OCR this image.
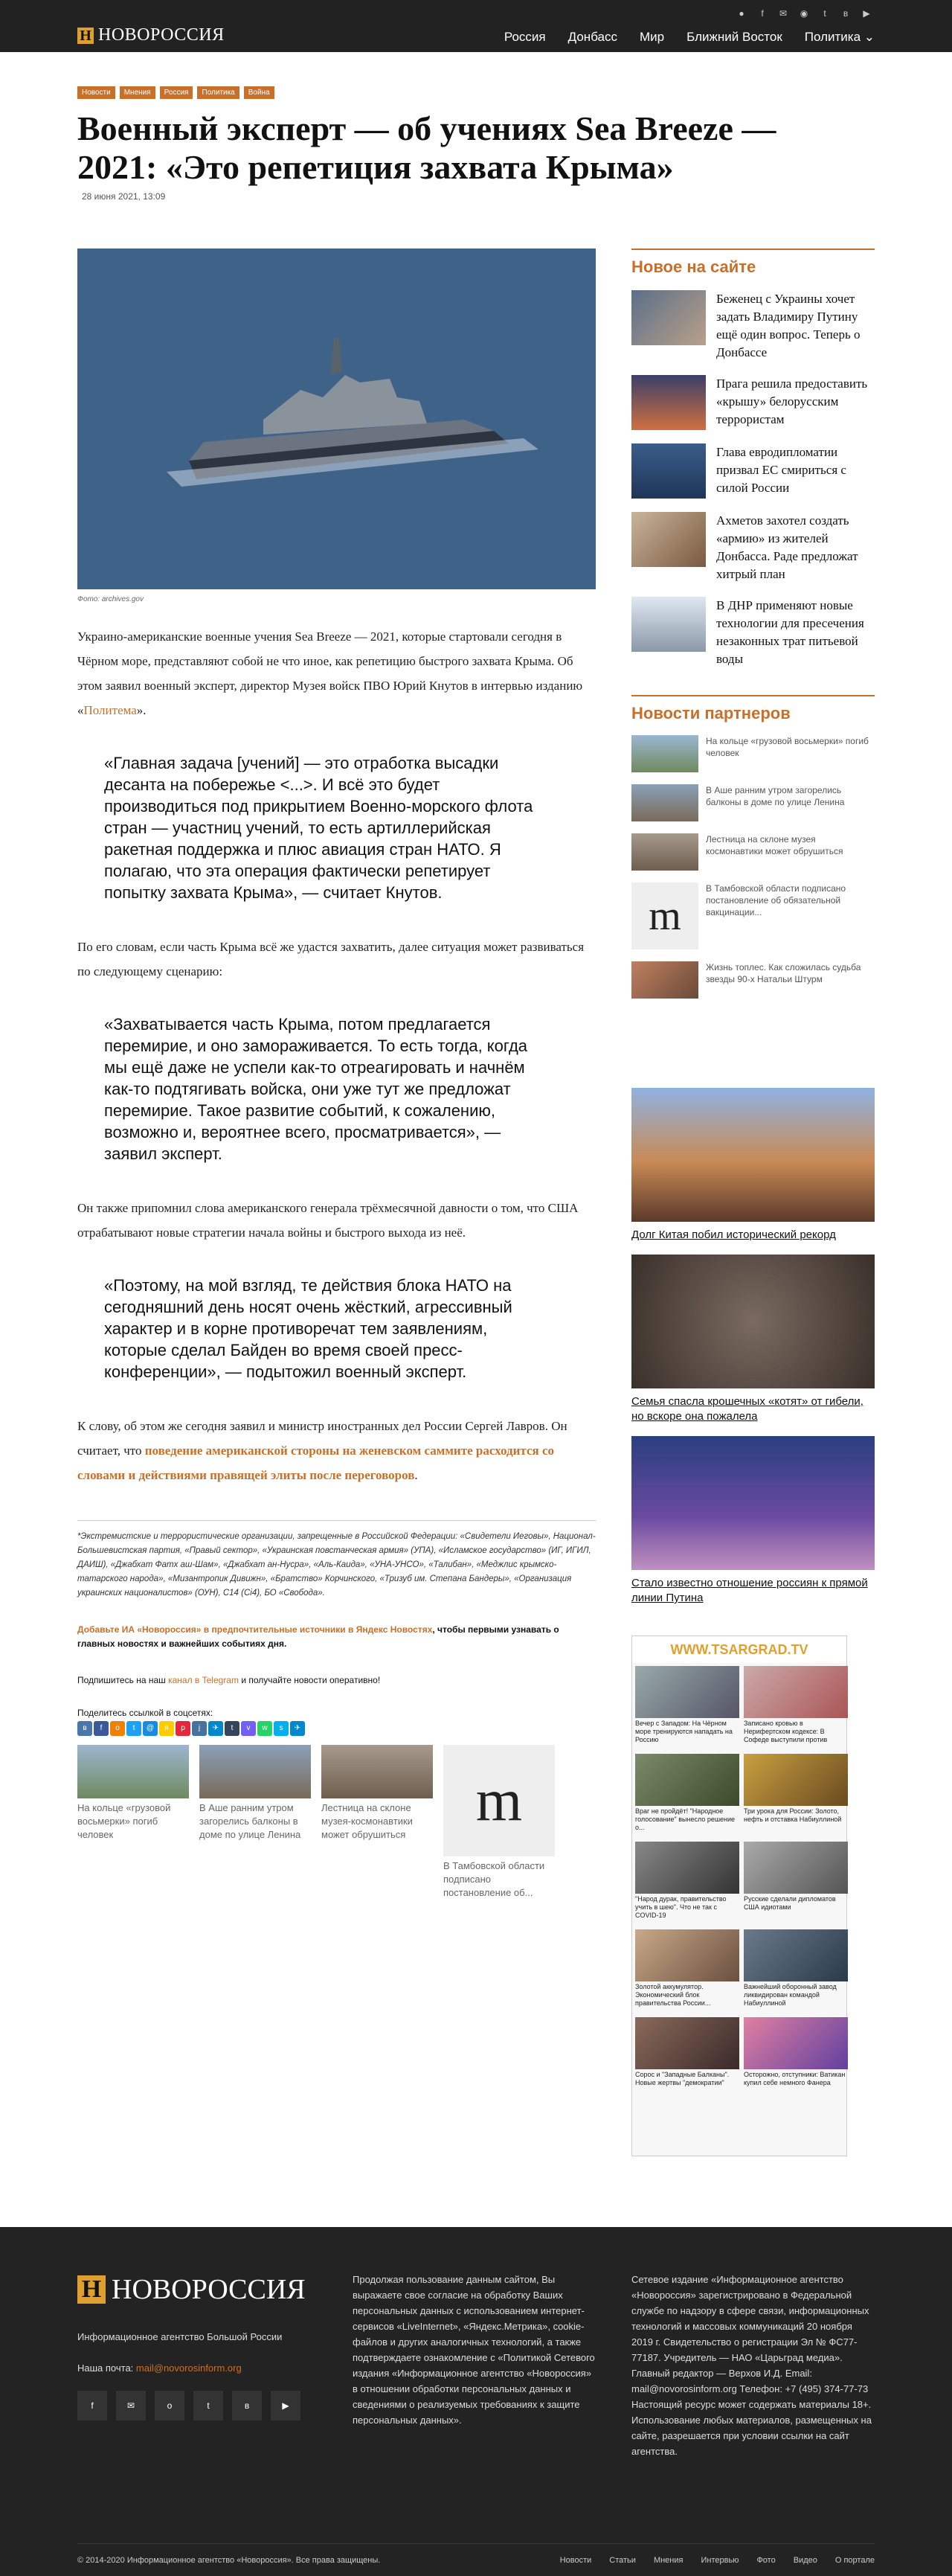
Н НОВОРОССИЯ
●	f	✉	◉	t	в	▶
Россия Донбасс Мир Ближний Восток Политика ⌄
Новости	Мнения	Россия	Политика	Война
Военный эксперт — об учениях Sea Breeze — 2021: «Это репетиция захвата Крыма»
28 июня 2021, 13:09
Фото: archives.gov

Украино-американские военные учения Sea Breeze — 2021, которые стартовали сегодня в Чёрном море, представляют собой не что иное, как репетицию быстрого захвата Крыма. Об этом заявил военный эксперт, директор Музея войск ПВО Юрий Кнутов в интервью изданию «Политема».

«Главная задача [учений] — это отработка высадки десанта на побережье <...>. И всё это будет производиться под прикрытием Военно-морского флота стран — участниц учений, то есть артиллерийская ракетная поддержка и плюс авиация стран НАТО. Я полагаю, что эта операция фактически репетирует попытку захвата Крыма», — считает Кнутов.

По его словам, если часть Крыма всё же удастся захватить, далее ситуация может развиваться по следующему сценарию:

«Захватывается часть Крыма, потом предлагается перемирие, и оно замораживается. То есть тогда, когда мы ещё даже не успели как-то отреагировать и начнём как-то подтягивать войска, они уже тут же предложат перемирие. Такое развитие событий, к сожалению, возможно и, вероятнее всего, просматривается», — заявил эксперт.

Он также припомнил слова американского генерала трёхмесячной давности о том, что США отрабатывают новые стратегии начала войны и быстрого выхода из неё.

«Поэтому, на мой взгляд, те действия блока НАТО на сегодняшний день носят очень жёсткий, агрессивный характер и в корне противоречат тем заявлениям, которые сделал Байден во время своей пресс-конференции», — подытожил военный эксперт.

К слову, об этом же сегодня заявил и министр иностранных дел России Сергей Лавров. Он считает, что поведение американской стороны на женевском саммите расходится со словами и действиями правящей элиты после переговоров.

*Экстремистские и террористические организации, запрещенные в Российской Федерации: «Свидетели Иеговы», Национал-Большевистская партия, «Правый сектор», «Украинская повстанческая армия» (УПА), «Исламское государство» (ИГ, ИГИЛ, ДАИШ), «Джабхат Фатх аш-Шам», «Джабхат ан-Нусра», «Аль-Каида», «УНА-УНСО», «Талибан», «Меджлис крымско-татарского народа», «Мизантропик Дивижн», «Братство» Корчинского, «Тризуб им. Степана Бандеры», «Организация украинских националистов» (ОУН), С14 (Сi4), БО «Свобода».

Добавьте ИА «Новороссия» в предпочтительные источники в Яндекс Новостях, чтобы первыми узнавать о главных новостях и важнейших событиях дня.

Подпишитесь на наш канал в Telegram и получайте новости оперативно!

Поделитесь ссылкой в соцсетях:

в	f	о	t	@	я	p	j	✈	t	v	w	s	✈
На кольце «грузовой восьмерки» погиб человек
В Аше ранним утром загорелись балконы в доме по улице Ленина
Лестница на склоне музея-космонавтики может обрушиться
m
В Тамбовской области подписано постановление об...
Новое на сайте
Беженец с Украины хочет задать Владимиру Путину ещё один вопрос. Теперь о Донбассе
Прага решила предоставить «крышу» белорусским террористам
Глава евродипломатии призвал ЕС смириться с силой России
Ахметов захотел создать «армию» из жителей Донбасса. Раде предложат хитрый план
В ДНР применяют новые технологии для пресечения незаконных трат питьевой воды
Новости партнеров
На кольце «грузовой восьмерки» погиб человек
В Аше ранним утром загорелись балконы в доме по улице Ленина
Лестница на склоне музея космонавтики может обрушиться
m
В Тамбовской области подписано постановление об обязательной вакцинации...
Жизнь топлес. Как сложилась судьба звезды 90-х Натальи Штурм
Долг Китая побил исторический рекорд
Семья спасла крошечных «котят» от гибели, но вскоре она пожалела
Стало известно отношение россиян к прямой линии Путина
WWW.TSARGRAD.TV
Вечер с Западом: На Чёрном море тренируются нападать на Россию
Записано кровью в Нерифертском кодексе: В Софеде выступили против
Враг не пройдёт! "Народное голосование" вынесло решение о...
Три урока для России: Золото, нефть и отставка Набиуллиной
"Народ дурак, правительство учить в шею". Что не так с COVID-19
Русские сделали дипломатов США идиотами
Золотой аккумулятор. Экономический блок правительства России...
Важнейший оборонный завод ликвидирован командой Набиуллиной
Сорос и "Западные Балканы". Новые жертвы "демократии"
Осторожно, отступники: Ватикан купил себе немного Фанера
Н НОВОРОССИЯ
Информационное агентство Большой России
Наша почта: mail@novorosinform.org
f	✉	о	t	в	▶
Продолжая пользование данным сайтом, Вы выражаете свое согласие на обработку Ваших персональных данных с использованием интернет-сервисов «LiveInternet», «Яндекс.Метрика», cookie-файлов и других аналогичных технологий, а также подтверждаете ознакомление с «Политикой Сетевого издания «Информационное агентство «Новороссия» в отношении обработки персональных данных и сведениями о реализуемых требованиях к защите персональных данных».
Сетевое издание «Информационное агентство «Новороссия» зарегистрировано в Федеральной службе по надзору в сфере связи, информационных технологий и массовых коммуникаций 20 ноября 2019 г. Свидетельство о регистрации Эл № ФС77-77187. Учредитель — НАО «Царьград медиа». Главный редактор — Верхов И.Д. Email: mail@novorosinform.org Телефон: +7 (495) 374-77-73 Настоящий ресурс может содержать материалы 18+. Использование любых материалов, размещенных на сайте, разрешается при условии ссылки на сайт агентства.
© 2014-2020 Информационное агентство «Новороссия». Все права защищены.	Новости Статьи Мнения Интервью Фото Видео О портале
